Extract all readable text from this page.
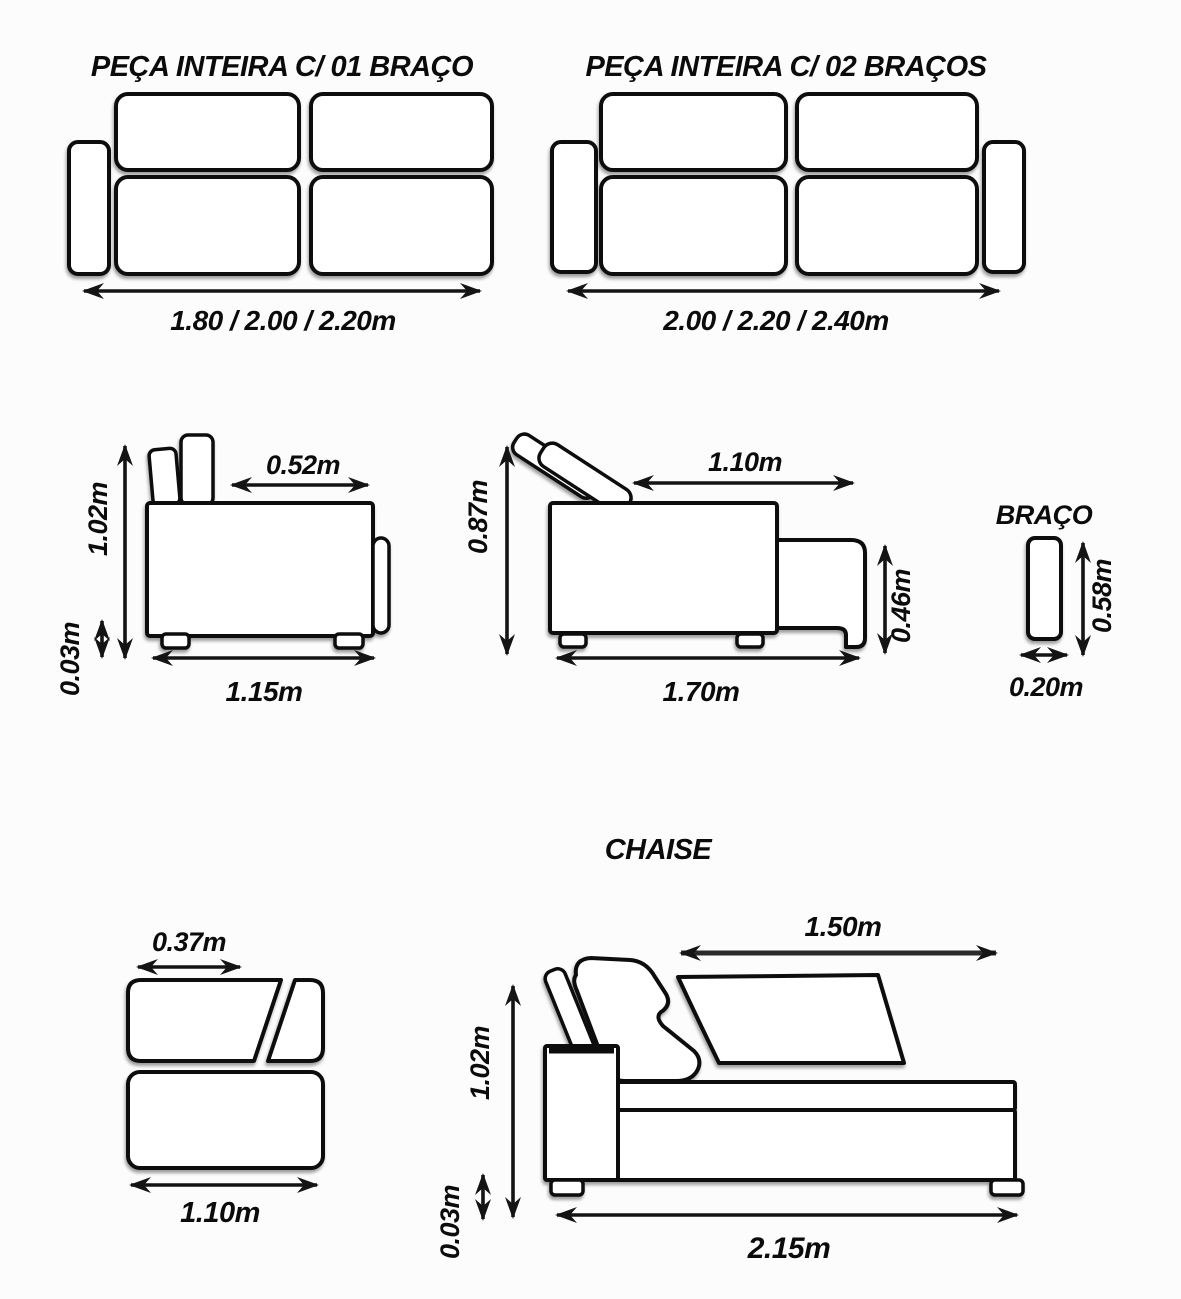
PEÇA INTEIRA C/ 01 BRAÇO
1.80 / 2.00 / 2.20m
PEÇA INTEIRA C/ 02 BRAÇOS
2.00 / 2.20 / 2.40m
1.02m
0.03m
0.52m
1.15m
0.87m
1.10m
0.46m
1.70m
BRAÇO
0.58m
0.20m
0.37m
1.10m
CHAISE
1.50m
1.02m
0.03m	2.15m
